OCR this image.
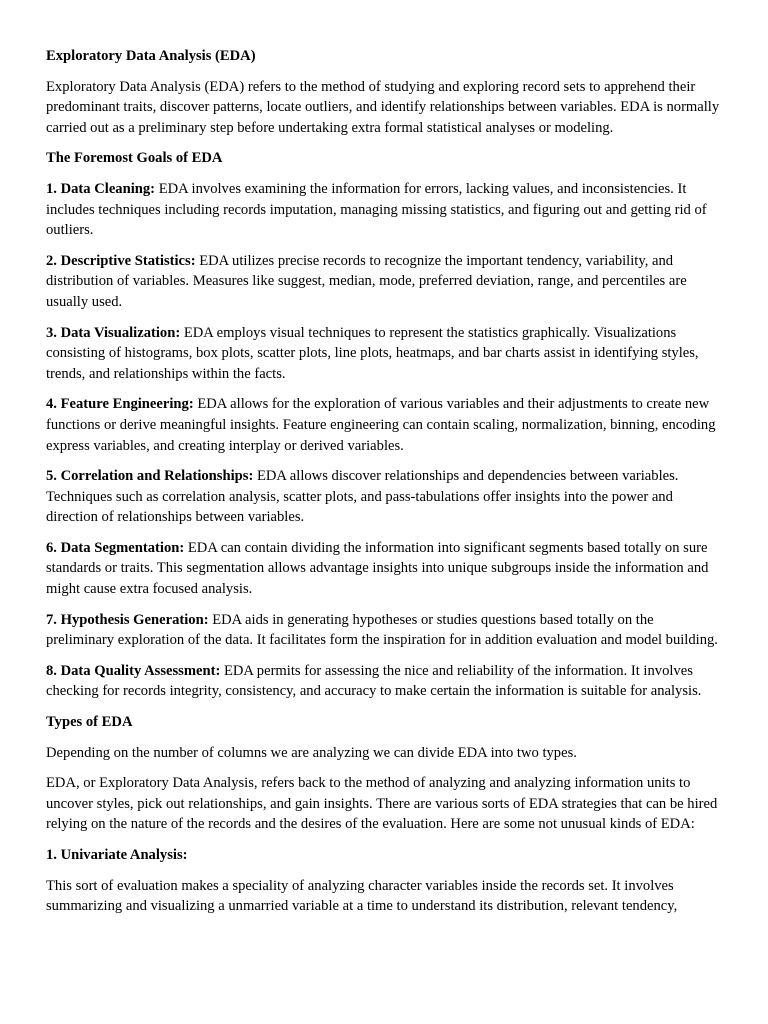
Exploratory Data Analysis (EDA)

Exploratory Data Analysis (EDA) refers to the method of studying and exploring record sets to apprehend their predominant traits, discover patterns, locate outliers, and identify relationships between variables. EDA is normally carried out as a preliminary step before undertaking extra formal statistical analyses or modeling.

The Foremost Goals of EDA

1. Data Cleaning: EDA involves examining the information for errors, lacking values, and inconsistencies. It includes techniques including records imputation, managing missing statistics, and figuring out and getting rid of outliers.

2. Descriptive Statistics: EDA utilizes precise records to recognize the important tendency, variability, and distribution of variables. Measures like suggest, median, mode, preferred deviation, range, and percentiles are usually used.

3. Data Visualization: EDA employs visual techniques to represent the statistics graphically. Visualizations consisting of histograms, box plots, scatter plots, line plots, heatmaps, and bar charts assist in identifying styles, trends, and relationships within the facts.

4. Feature Engineering: EDA allows for the exploration of various variables and their adjustments to create new functions or derive meaningful insights. Feature engineering can contain scaling, normalization, binning, encoding express variables, and creating interplay or derived variables.

5. Correlation and Relationships: EDA allows discover relationships and dependencies between variables. Techniques such as correlation analysis, scatter plots, and pass-tabulations offer insights into the power and direction of relationships between variables.

6. Data Segmentation: EDA can contain dividing the information into significant segments based totally on sure standards or traits. This segmentation allows advantage insights into unique subgroups inside the information and might cause extra focused analysis.

7. Hypothesis Generation: EDA aids in generating hypotheses or studies questions based totally on the preliminary exploration of the data. It facilitates form the inspiration for in addition evaluation and model building.

8. Data Quality Assessment: EDA permits for assessing the nice and reliability of the information. It involves checking for records integrity, consistency, and accuracy to make certain the information is suitable for analysis.

Types of EDA

Depending on the number of columns we are analyzing we can divide EDA into two types.

EDA, or Exploratory Data Analysis, refers back to the method of analyzing and analyzing information units to uncover styles, pick out relationships, and gain insights. There are various sorts of EDA strategies that can be hired relying on the nature of the records and the desires of the evaluation. Here are some not unusual kinds of EDA:

1. Univariate Analysis:

This sort of evaluation makes a speciality of analyzing character variables inside the records set. It involves summarizing and visualizing a unmarried variable at a time to understand its distribution, relevant tendency,
